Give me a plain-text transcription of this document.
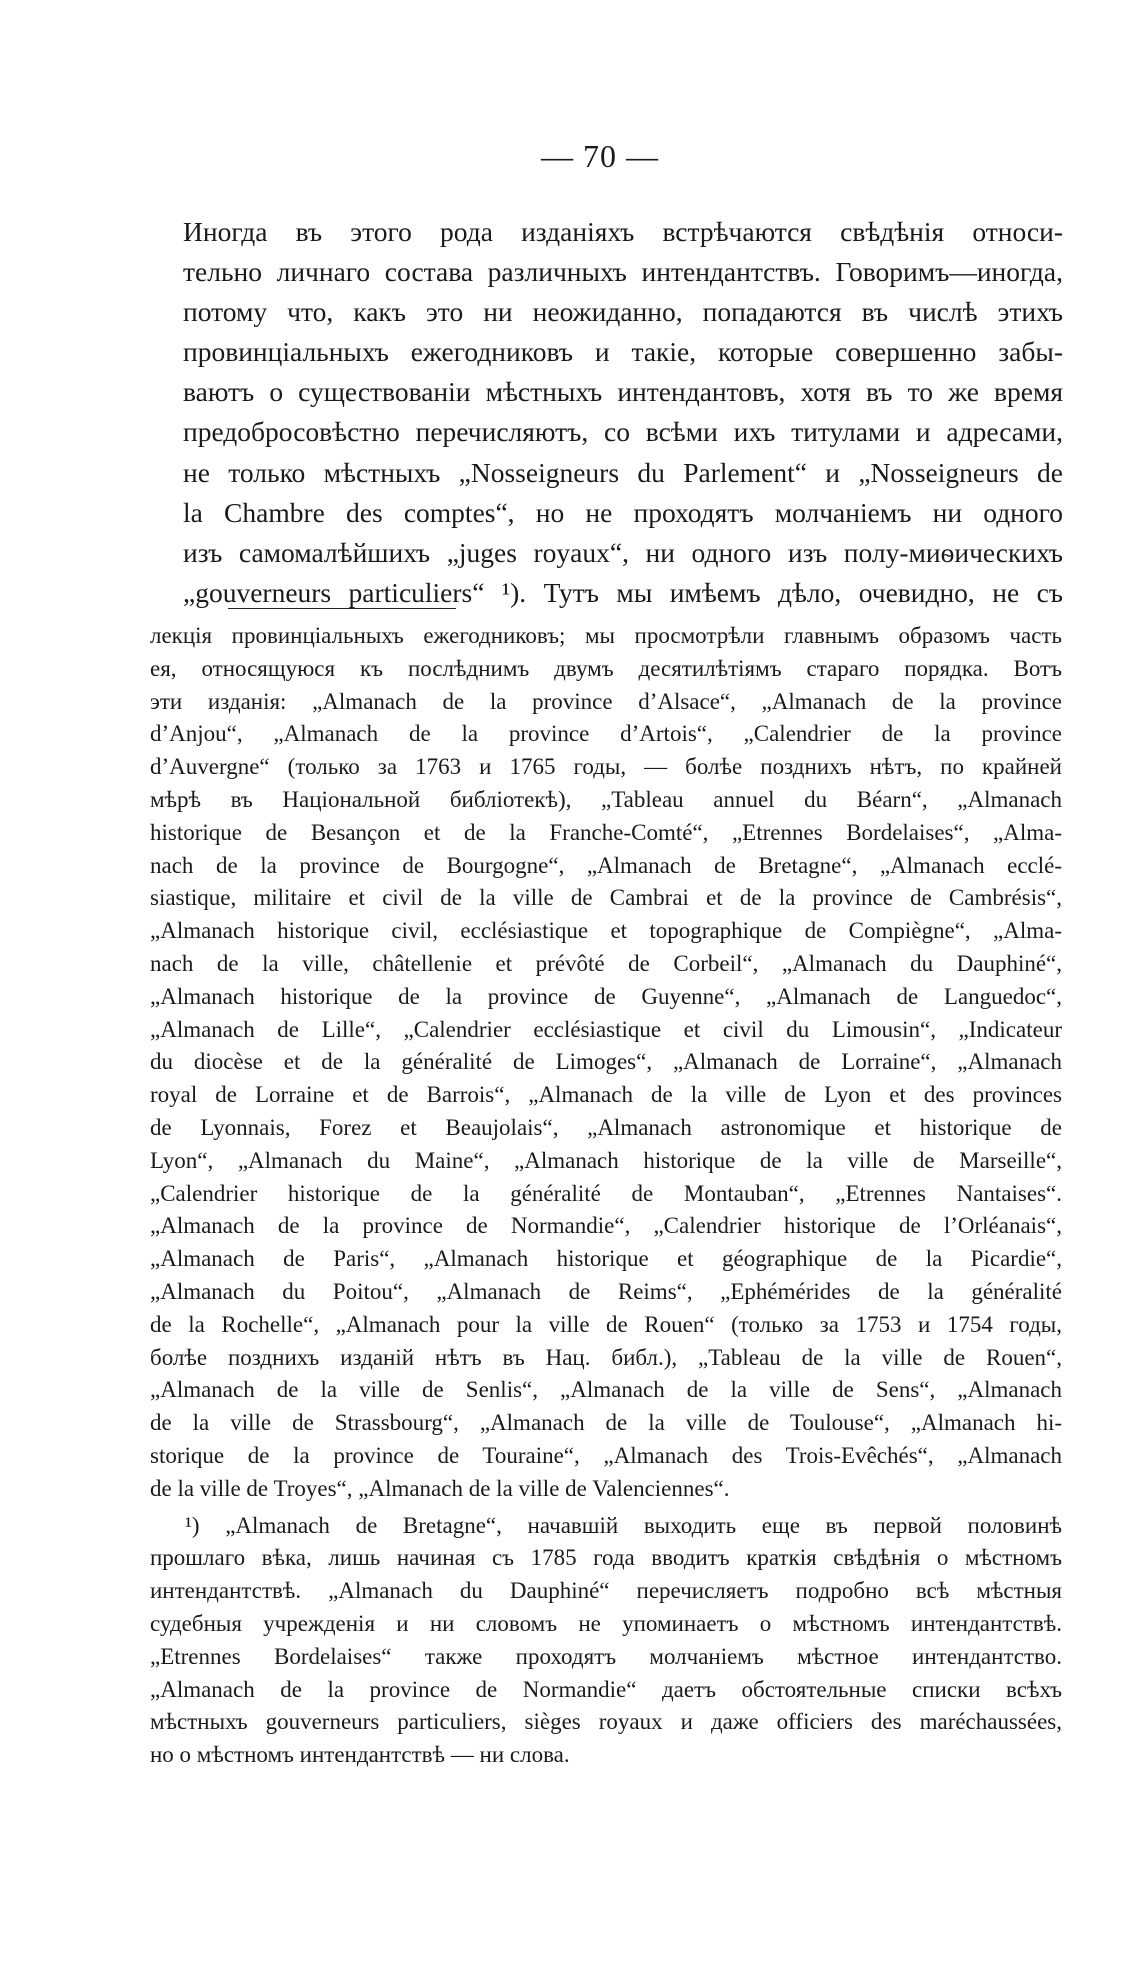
— 70 —
Иногда въ этого рода изданіяхъ встрѣчаются свѣдѣнія относи-
тельно личнаго состава различныхъ интендантствъ. Говоримъ—иногда,
потому что, какъ это ни неожиданно, попадаются въ числѣ этихъ
провинціальныхъ ежегодниковъ и такіе, которые совершенно забы-
ваютъ о существованіи мѣстныхъ интендантовъ, хотя въ то же время
предобросовѣстно перечисляютъ, со всѣми ихъ титулами и адресами,
не только мѣстныхъ „Nosseigneurs du Parlement“ и „Nosseigneurs de
la Chambre des comptes“, но не проходятъ молчаніемъ ни одного
изъ самомалѣйшихъ „juges royaux“, ни одного изъ полу-миѳическихъ
„gouverneurs particuliers“ ¹). Тутъ мы имѣемъ дѣло, очевидно, не съ
лекція провинціальныхъ ежегодниковъ; мы просмотрѣли главнымъ образомъ часть
ея, относящуюся къ послѣднимъ двумъ десятилѣтіямъ стараго порядка. Вотъ
эти изданія: „Almanach de la province d’Alsace“, „Almanach de la province
d’Anjou“, „Almanach de la province d’Artois“, „Calendrier de la province
d’Auvergne“ (только за 1763 и 1765 годы, — болѣе позднихъ нѣтъ, по крайней
мѣрѣ въ Національной библіотекѣ), „Tableau annuel du Béarn“, „Almanach
historique de Besançon et de la Franche-Comté“, „Etrennes Bordelaises“, „Alma-
nach de la province de Bourgogne“, „Almanach de Bretagne“, „Almanach ecclé-
siastique, militaire et civil de la ville de Cambrai et de la province de Cambrésis“,
„Almanach historique civil, ecclésiastique et topographique de Compiègne“, „Alma-
nach de la ville, châtellenie et prévôté de Corbeil“, „Almanach du Dauphiné“,
„Almanach historique de la province de Guyenne“, „Almanach de Languedoc“,
„Almanach de Lille“, „Calendrier ecclésiastique et civil du Limousin“, „Indicateur
du diocèse et de la généralité de Limoges“, „Almanach de Lorraine“, „Almanach
royal de Lorraine et de Barrois“, „Almanach de la ville de Lyon et des provinces
de Lyonnais, Forez et Beaujolais“, „Almanach astronomique et historique de
Lyon“, „Almanach du Maine“, „Almanach historique de la ville de Marseille“,
„Calendrier historique de la généralité de Montauban“, „Etrennes Nantaises“.
„Almanach de la province de Normandie“, „Calendrier historique de l’Orléanais“,
„Almanach de Paris“, „Almanach historique et géographique de la Picardie“,
„Almanach du Poitou“, „Almanach de Reims“, „Ephémérides de la généralité
de la Rochelle“, „Almanach pour la ville de Rouen“ (только за 1753 и 1754 годы,
болѣе позднихъ изданій нѣтъ въ Нац. библ.), „Tableau de la ville de Rouen“,
„Almanach de la ville de Senlis“, „Almanach de la ville de Sens“, „Almanach
de la ville de Strassbourg“, „Almanach de la ville de Toulouse“, „Almanach hi-
storique de la province de Touraine“, „Almanach des Trois-Evêchés“, „Almanach
de la ville de Troyes“, „Almanach de la ville de Valenciennes“.
¹) „Almanach de Bretagne“, начавшій выходить еще въ первой половинѣ
прошлаго вѣка, лишь начиная съ 1785 года вводитъ краткія свѣдѣнія о мѣстномъ
интендантствѣ. „Almanach du Dauphiné“ перечисляетъ подробно всѣ мѣстныя
судебныя учрежденія и ни словомъ не упоминаетъ о мѣстномъ интендантствѣ.
„Etrennes Bordelaises“ также проходятъ молчаніемъ мѣстное интендантство.
„Almanach de la province de Normandie“ даетъ обстоятельные списки всѣхъ
мѣстныхъ gouverneurs particuliers, sièges royaux и даже officiers des maréchaussées,
но о мѣстномъ интендантствѣ — ни слова.
